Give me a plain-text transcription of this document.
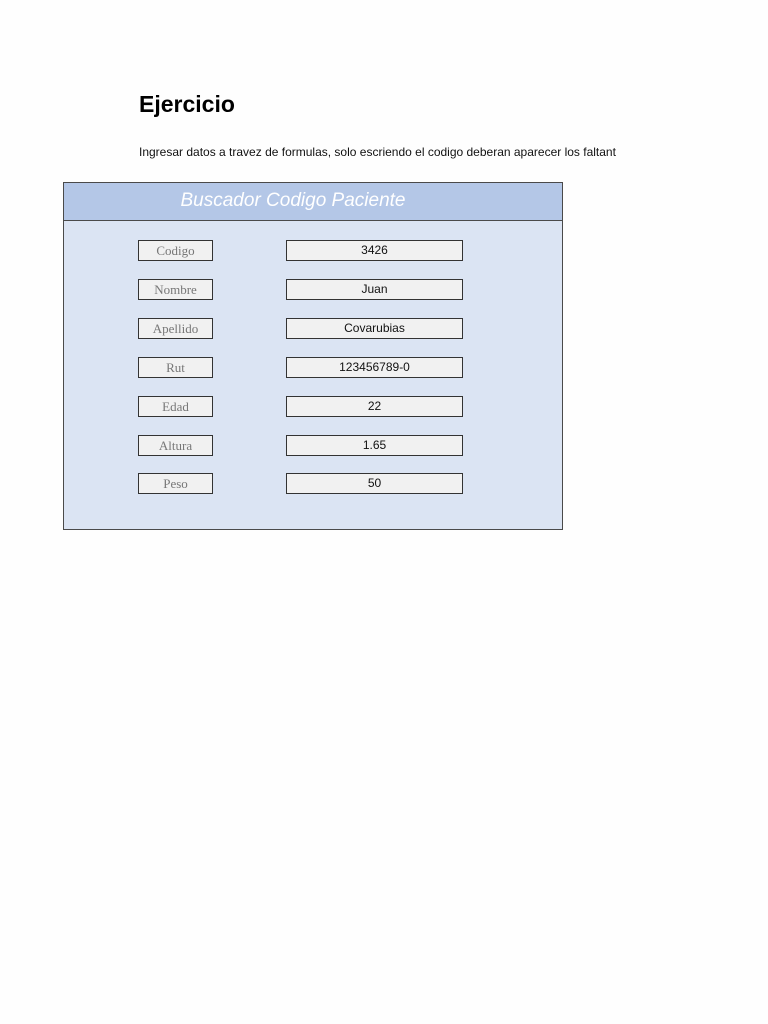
Ejercicio
Ingresar datos a travez de formulas, solo escriendo el codigo deberan aparecer los faltant
Buscador Codigo Paciente
Codigo	3426
Nombre	Juan
Apellido	Covarubias
Rut	123456789-0
Edad	22
Altura	1.65
Peso	50
